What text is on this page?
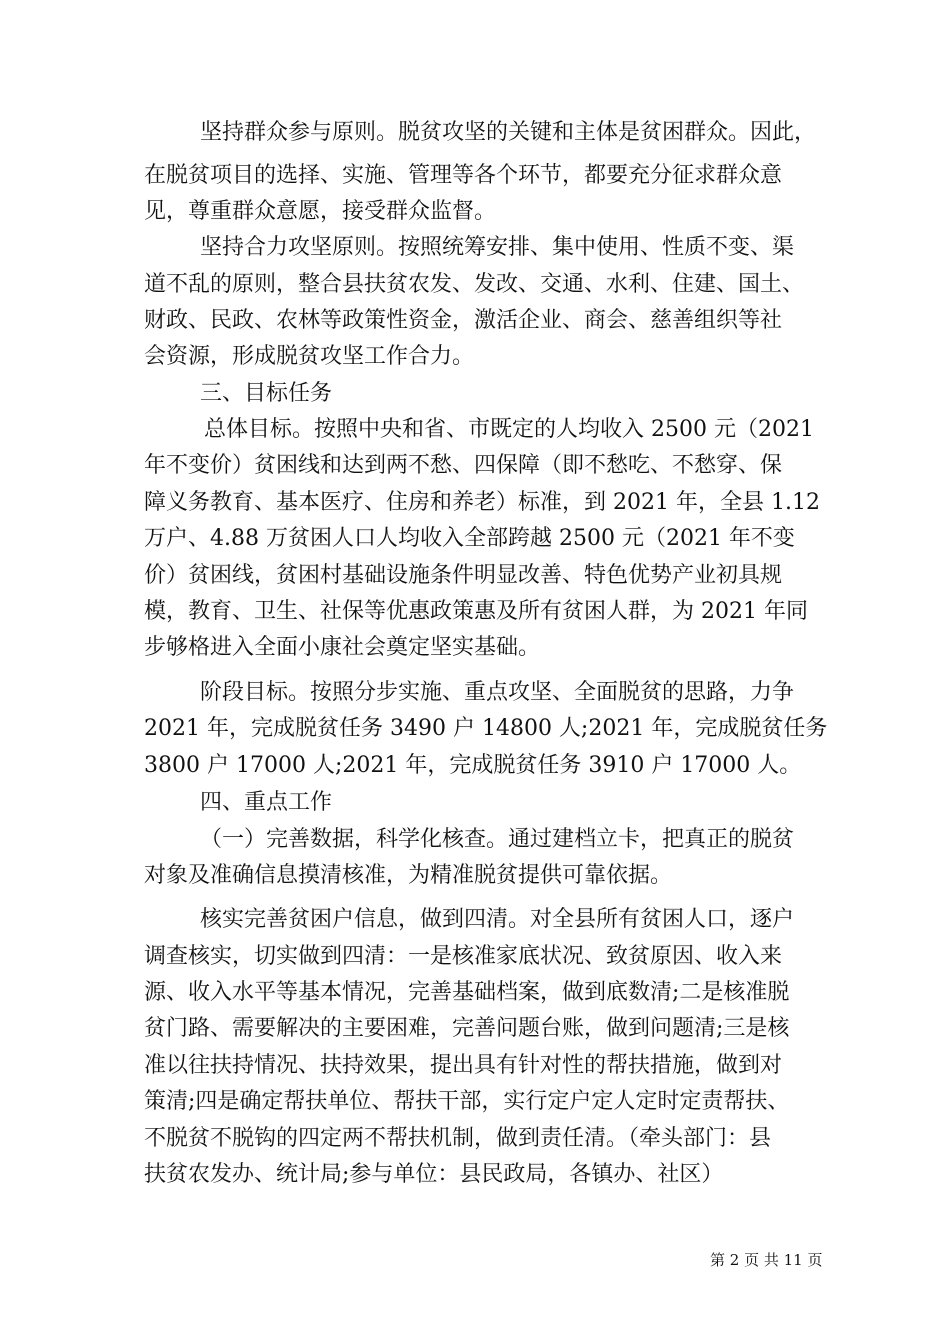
坚持群众参与原则。脱贫攻坚的关键和主体是贫困群众。因此，

在脱贫项目的选择、实施、管理等各个环节，都要充分征求群众意

见，尊重群众意愿，接受群众监督。

坚持合力攻坚原则。按照统筹安排、集中使用、性质不变、渠

道不乱的原则，整合县扶贫农发、发改、交通、水利、住建、国土、

财政、民政、农林等政策性资金，激活企业、商会、慈善组织等社

会资源，形成脱贫攻坚工作合力。

三、目标任务

总体目标。按照中央和省、市既定的人均收入 2500 元（2021

年不变价）贫困线和达到两不愁、四保障（即不愁吃、不愁穿、保

障义务教育、基本医疗、住房和养老）标准，到 2021 年，全县 1.12

万户、4.88 万贫困人口人均收入全部跨越 2500 元（2021 年不变

价）贫困线，贫困村基础设施条件明显改善、特色优势产业初具规

模，教育、卫生、社保等优惠政策惠及所有贫困人群，为 2021 年同

步够格进入全面小康社会奠定坚实基础。

阶段目标。按照分步实施、重点攻坚、全面脱贫的思路，力争

2021 年，完成脱贫任务 3490 户 14800 人;2021 年，完成脱贫任务

3800 户 17000 人;2021 年，完成脱贫任务 3910 户 17000 人。

四、重点工作

（一）完善数据，科学化核查。通过建档立卡，把真正的脱贫

对象及准确信息摸清核准，为精准脱贫提供可靠依据。

核实完善贫困户信息，做到四清。对全县所有贫困人口，逐户

调查核实，切实做到四清：一是核准家底状况、致贫原因、收入来

源、收入水平等基本情况，完善基础档案，做到底数清;二是核准脱

贫门路、需要解决的主要困难，完善问题台账，做到问题清;三是核

准以往扶持情况、扶持效果，提出具有针对性的帮扶措施，做到对

策清;四是确定帮扶单位、帮扶干部，实行定户定人定时定责帮扶、

不脱贫不脱钩的四定两不帮扶机制，做到责任清。（牵头部门：县

扶贫农发办、统计局;参与单位：县民政局，各镇办、社区）

第 2 页 共 11 页
